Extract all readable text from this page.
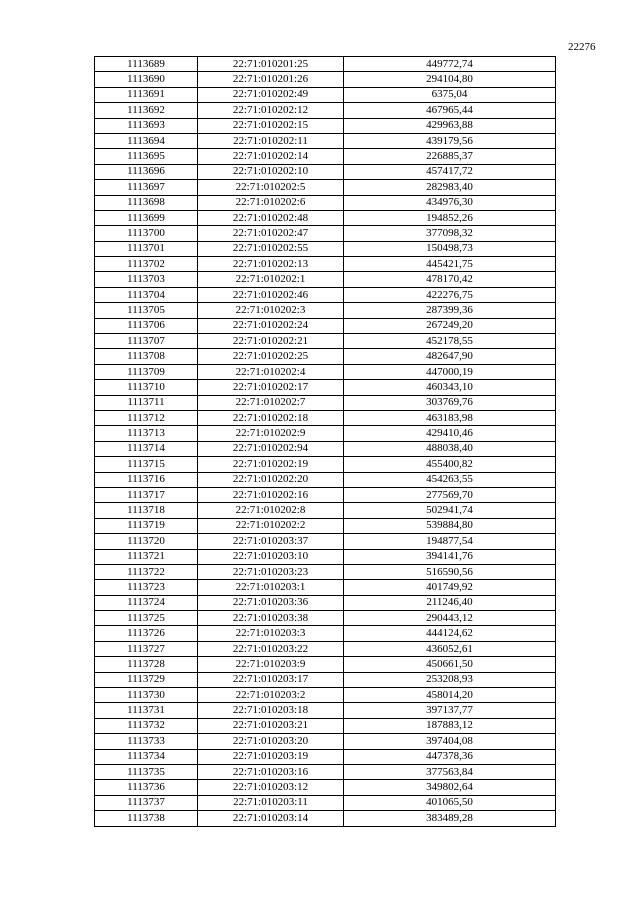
22276
1113689	22:71:010201:25	449772,74
1113690	22:71:010201:26	294104,80
1113691	22:71:010202:49	6375,04
1113692	22:71:010202:12	467965,44
1113693	22:71:010202:15	429963,88
1113694	22:71:010202:11	439179,56
1113695	22:71:010202:14	226885,37
1113696	22:71:010202:10	457417,72
1113697	22:71:010202:5	282983,40
1113698	22:71:010202:6	434976,30
1113699	22:71:010202:48	194852,26
1113700	22:71:010202:47	377098,32
1113701	22:71:010202:55	150498,73
1113702	22:71:010202:13	445421,75
1113703	22:71:010202:1	478170,42
1113704	22:71:010202:46	422276,75
1113705	22:71:010202:3	287399,36
1113706	22:71:010202:24	267249,20
1113707	22:71:010202:21	452178,55
1113708	22:71:010202:25	482647,90
1113709	22:71:010202:4	447000,19
1113710	22:71:010202:17	460343,10
1113711	22:71:010202:7	303769,76
1113712	22:71:010202:18	463183,98
1113713	22:71:010202:9	429410,46
1113714	22:71:010202:94	488038,40
1113715	22:71:010202:19	455400,82
1113716	22:71:010202:20	454263,55
1113717	22:71:010202:16	277569,70
1113718	22:71:010202:8	502941,74
1113719	22:71:010202:2	539884,80
1113720	22:71:010203:37	194877,54
1113721	22:71:010203:10	394141,76
1113722	22:71:010203:23	516590,56
1113723	22:71:010203:1	401749,92
1113724	22:71:010203:36	211246,40
1113725	22:71:010203:38	290443,12
1113726	22:71:010203:3	444124,62
1113727	22:71:010203:22	436052,61
1113728	22:71:010203:9	450661,50
1113729	22:71:010203:17	253208,93
1113730	22:71:010203:2	458014,20
1113731	22:71:010203:18	397137,77
1113732	22:71:010203:21	187883,12
1113733	22:71:010203:20	397404,08
1113734	22:71:010203:19	447378,36
1113735	22:71:010203:16	377563,84
1113736	22:71:010203:12	349802,64
1113737	22:71:010203:11	401065,50
1113738	22:71:010203:14	383489,28
